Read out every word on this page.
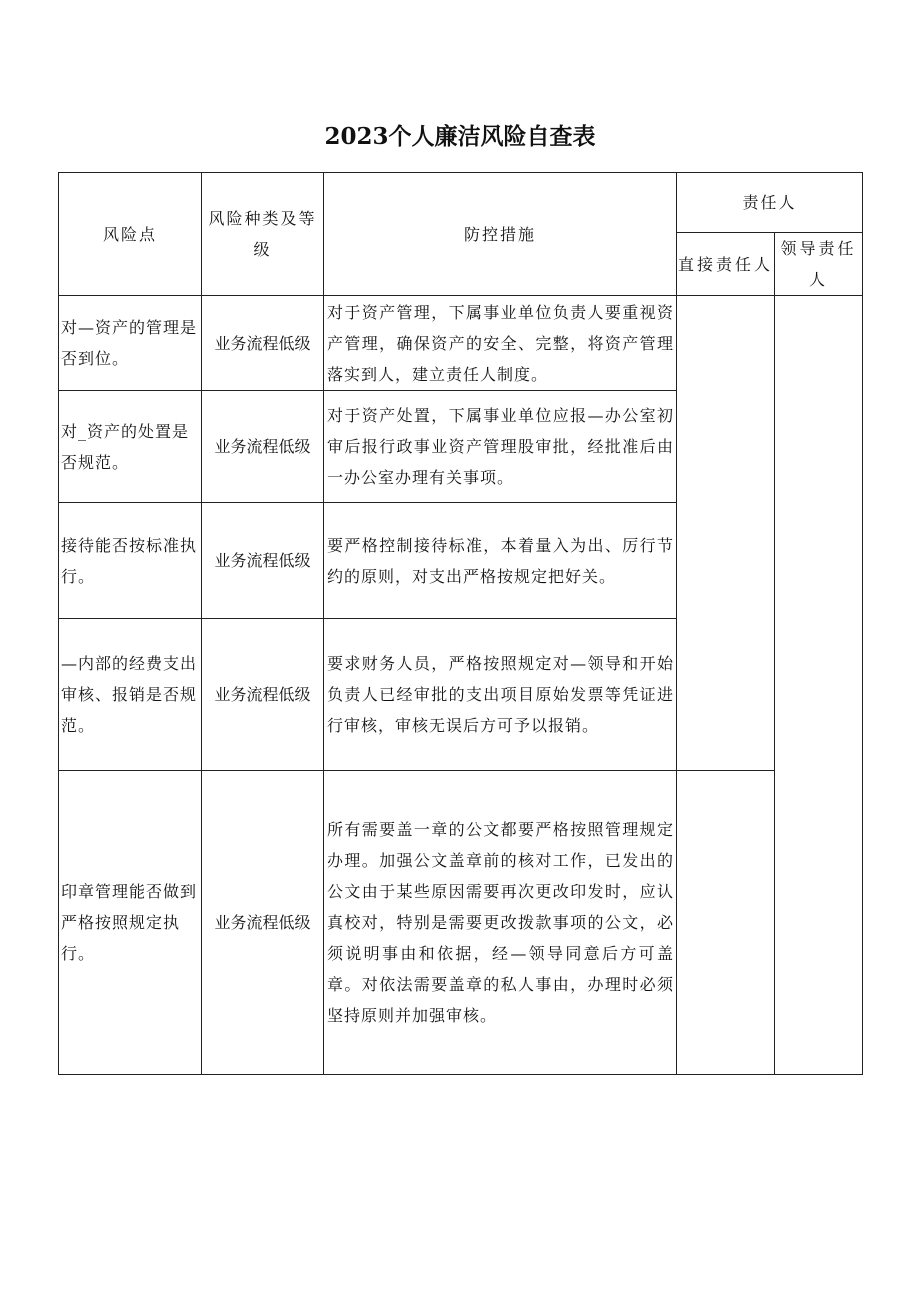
2023个人廉洁风险自查表
风险点	风险种类及等级	防控措施	责任人	
			直接责任人	领导责任人
对—资产的管理是否到位。	业务流程低级	对于资产管理，下属事业单位负责人要重视资产管理，确保资产的安全、完整，将资产管理落实到人，建立责任人制度。		
对_资产的处置是否规范。	业务流程低级	对于资产处置，下属事业单位应报—办公室初审后报行政事业资产管理股审批，经批准后由一办公室办理有关事项。		
接待能否按标准执行。	业务流程低级	要严格控制接待标准，本着量入为出、厉行节约的原则，对支出严格按规定把好关。		
—内部的经费支出审核、报销是否规范。	业务流程低级	要求财务人员，严格按照规定对—领导和开始负责人已经审批的支出项目原始发票等凭证进行审核，审核无误后方可予以报销。		
印章管理能否做到严格按照规定执行。	业务流程低级	所有需要盖一章的公文都要严格按照管理规定办理。加强公文盖章前的核对工作，已发出的公文由于某些原因需要再次更改印发时，应认真校对，特别是需要更改拨款事项的公文，必须说明事由和依据，经—领导同意后方可盖章。对依法需要盖章的私人事由，办理时必须坚持原则并加强审核。		
